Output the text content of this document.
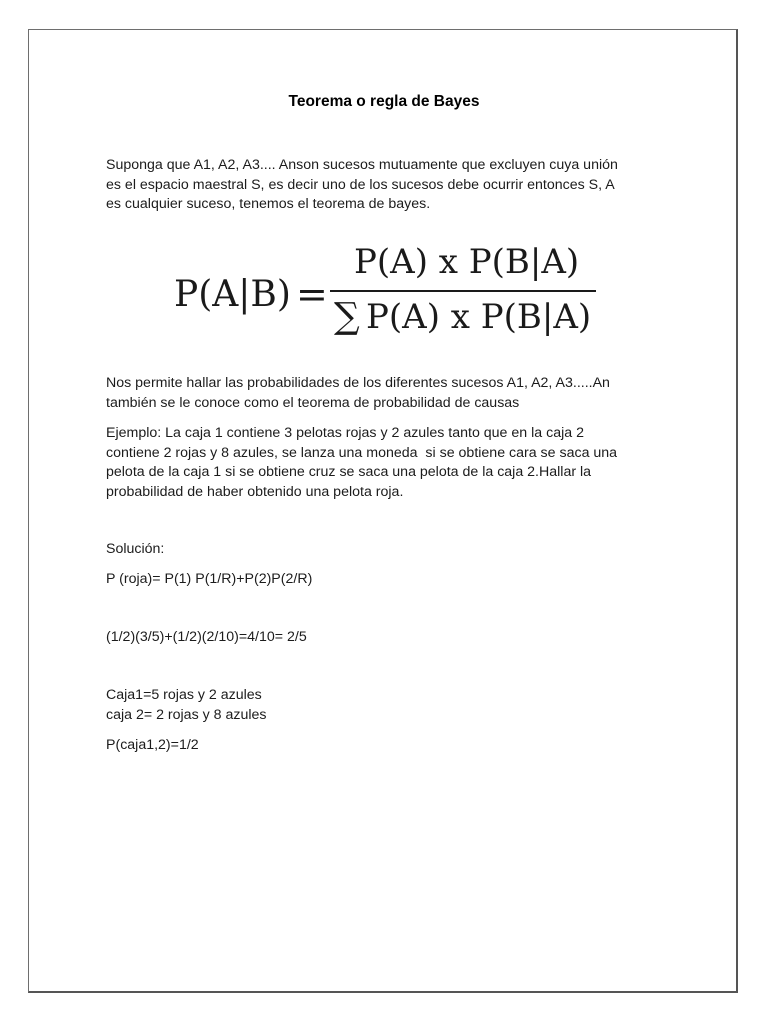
Teorema o regla de Bayes

Suponga que A1, A2, A3.... Anson sucesos mutuamente que excluyen cuya unión
es el espacio maestral S, es decir uno de los sucesos debe ocurrir entonces S, A
es cualquier suceso, tenemos el teorema de bayes.

P(A|B) =
P(A) x P(B|A)
∑ P(A) x P(B|A)

Nos permite hallar las probabilidades de los diferentes sucesos A1, A2, A3.....An
también se le conoce como el teorema de probabilidad de causas

Ejemplo: La caja 1 contiene 3 pelotas rojas y 2 azules tanto que en la caja 2
contiene 2 rojas y 8 azules, se lanza una moneda  si se obtiene cara se saca una
pelota de la caja 1 si se obtiene cruz se saca una pelota de la caja 2.Hallar la
probabilidad de haber obtenido una pelota roja.

Solución:

P (roja)= P(1) P(1/R)+P(2)P(2/R)

(1/2)(3/5)+(1/2)(2/10)=4/10= 2/5

Caja1=5 rojas y 2 azules
caja 2= 2 rojas y 8 azules

P(caja1,2)=1/2
